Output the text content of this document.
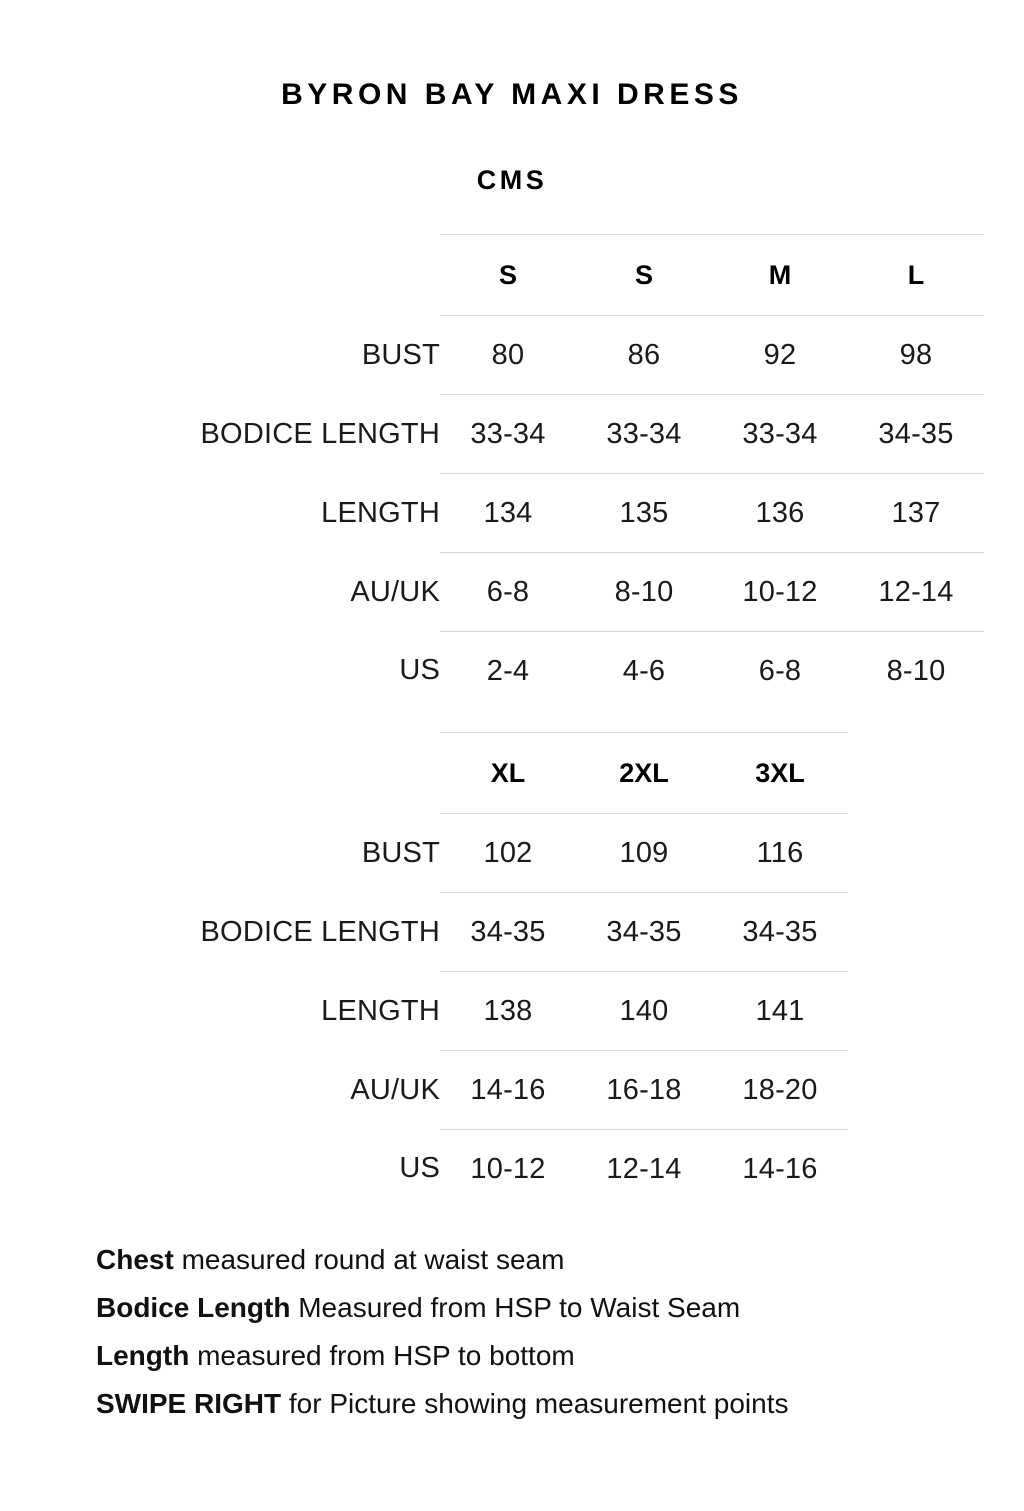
BYRON BAY MAXI DRESS
CMS
	S	S	M	L
BUST	80	86	92	98
BODICE LENGTH	33-34	33-34	33-34	34-35
LENGTH	134	135	136	137
AU/UK	6-8	8-10	10-12	12-14
US	2-4	4-6	6-8	8-10

	XL	2XL	3XL	
BUST	102	109	116	
BODICE LENGTH	34-35	34-35	34-35	
LENGTH	138	140	141	
AU/UK	14-16	16-18	18-20	
US	10-12	12-14	14-16	
Chest measured round at waist seam
Bodice Length Measured from HSP to Waist Seam
Length measured from HSP to bottom
SWIPE RIGHT for Picture showing measurement points
